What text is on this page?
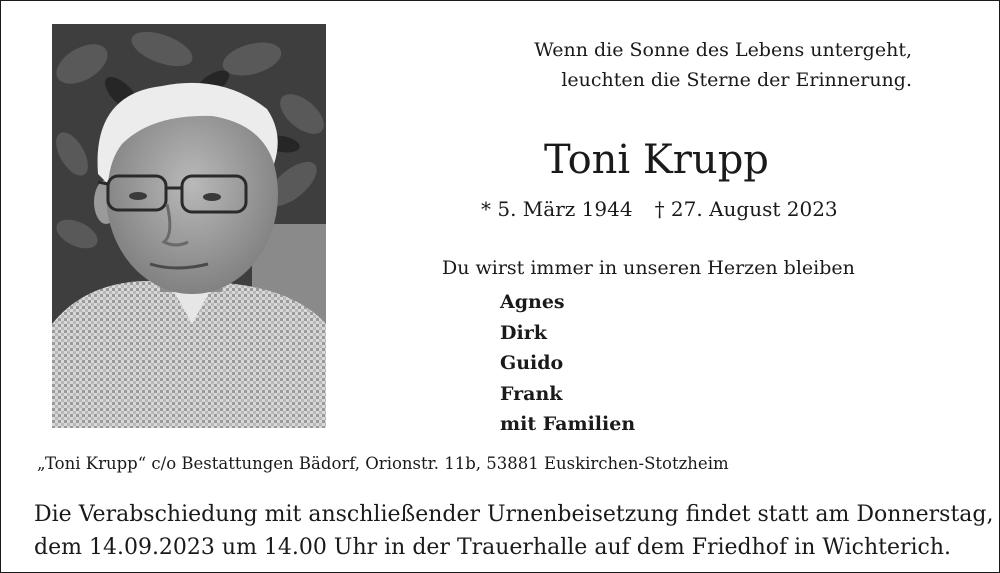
Wenn die Sonne des Lebens untergeht,
leuchten die Sterne der Erinnerung.
Toni Krupp
* 5. März 1944 † 27. August 2023
Du wirst immer in unseren Herzen bleiben
Agnes
Dirk
Guido
Frank
mit Familien
„Toni Krupp“ c/o Bestattungen Bädorf, Orionstr. 11b, 53881 Euskirchen-Stotzheim
Die Verabschiedung mit anschließender Urnenbeisetzung findet statt am Donnerstag,
dem 14.09.2023 um 14.00 Uhr in der Trauerhalle auf dem Friedhof in Wichterich.
